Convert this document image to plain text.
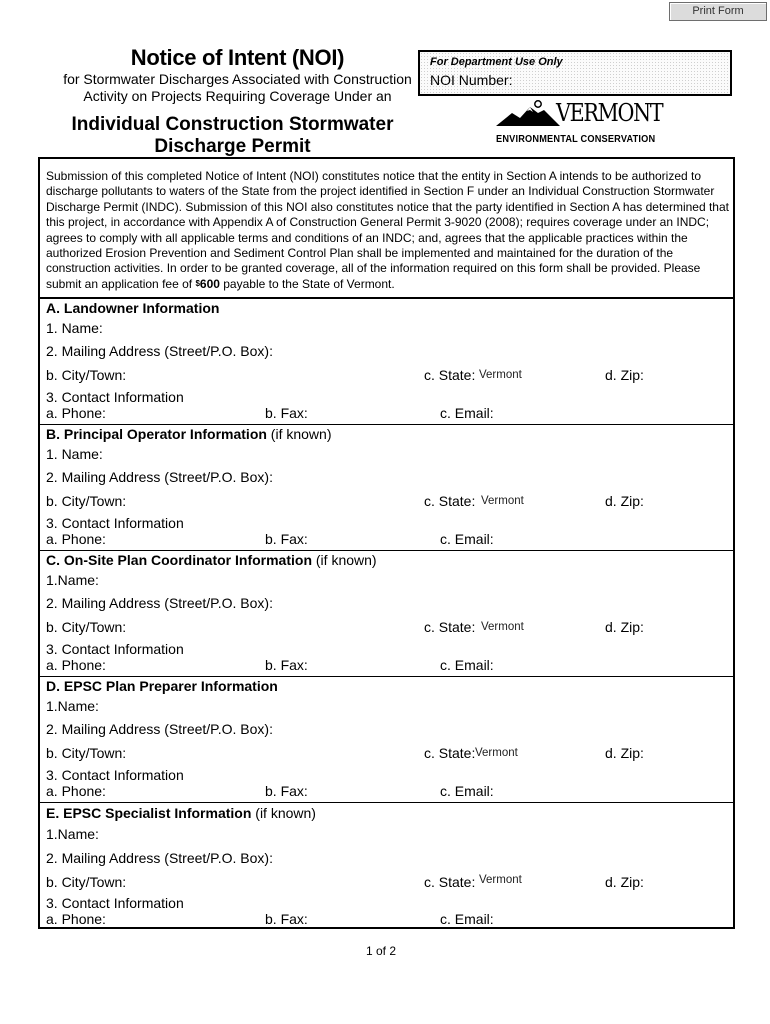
Print Form
Notice of Intent (NOI)
for Stormwater Discharges Associated with Construction
Activity on Projects Requiring Coverage Under an
Individual Construction Stormwater
Discharge Permit
For Department Use Only
NOI Number:
VERMONT
ENVIRONMENTAL CONSERVATION
Submission of this completed Notice of Intent (NOI) constitutes notice that the entity in Section A intends to be authorized to discharge pollutants to waters of the State from the project identified in Section F under an Individual Construction Stormwater Discharge Permit (INDC). Submission of this NOI also constitutes notice that the party identified in Section A has determined that this project, in accordance with Appendix A of Construction General Permit 3-9020 (2008); requires coverage under an INDC; agrees to comply with all applicable terms and conditions of an INDC; and, agrees that the applicable practices within the authorized Erosion Prevention and Sediment Control Plan shall be implemented and maintained for the duration of the construction activities. In order to be granted coverage, all of the information required on this form shall be provided. Please submit an application fee of $600 payable to the State of Vermont.
A. Landowner Information
1. Name:
2. Mailing Address (Street/P.O. Box):
b. City/Town:	c. State: Vermont	d. Zip:
3. Contact Information
a. Phone:	b. Fax:	c. Email:
B. Principal Operator Information (if known)
1. Name:
2. Mailing Address (Street/P.O. Box):
b. City/Town:	c. State: Vermont	d. Zip:
3. Contact Information
a. Phone:	b. Fax:	c. Email:
C. On-Site Plan Coordinator Information (if known)
1.Name:
2. Mailing Address (Street/P.O. Box):
b. City/Town:	c. State: Vermont	d. Zip:
3. Contact Information
a. Phone:	b. Fax:	c. Email:
D. EPSC Plan Preparer Information
1.Name:
2. Mailing Address (Street/P.O. Box):
b. City/Town:	c. State: Vermont	d. Zip:
3. Contact Information
a. Phone:	b. Fax:	c. Email:
E. EPSC Specialist Information (if known)
1.Name:
2. Mailing Address (Street/P.O. Box):
b. City/Town:	c. State: Vermont	d. Zip:
3. Contact Information
a. Phone:	b. Fax:	c. Email:
1 of 2
